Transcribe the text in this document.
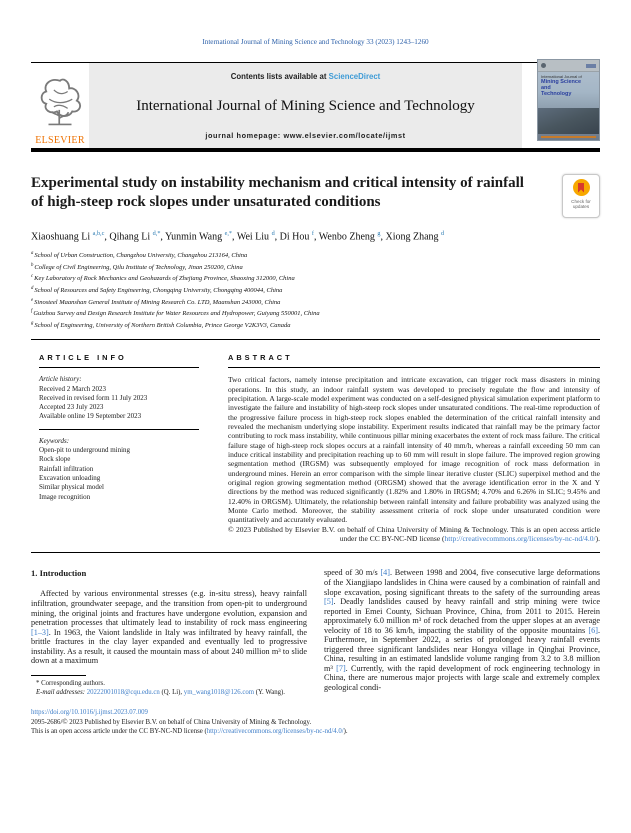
International Journal of Mining Science and Technology 33 (2023) 1243–1260
ELSEVIER
Contents lists available at ScienceDirect
International Journal of Mining Science and Technology
journal homepage: www.elsevier.com/locate/ijmst
International Journal of
Mining Science
and
Technology
Experimental study on instability mechanism and critical intensity of rainfall of high-steep rock slopes under unsaturated conditions	Check for
updates
Xiaoshuang Li $^{a,b,c}$, Qihang Li $^{d,*}$, Yunmin Wang $^{e,*}$, Wei Liu $^d$, Di Hou $^f$, Wenbo Zheng $^g$, Xiong Zhang $^d$
$^a$School of Urban Construction, Changzhou University, Changzhou 213164, China
$^b$College of Civil Engineering, Qilu Institute of Technology, Jinan 250200, China
$^c$Key Laboratory of Rock Mechanics and Geohazards of Zhejiang Province, Shaoxing 312000, China
$^d$School of Resources and Safety Engineering, Chongqing University, Chongqing 400044, China
$^e$Sinosteel Maanshan General Institute of Mining Research Co. LTD, Maanshan 243000, China
$^f$Guizhou Survey and Design Research Institute for Water Resources and Hydropower, Guiyang 550001, China
$^g$School of Engineering, University of Northern British Columbia, Prince George V2K3V3, Canada
ARTICLE INFO
Article history:
Received 2 March 2023
Received in revised form 11 July 2023
Accepted 23 July 2023
Available online 19 September 2023
Keywords:
Open-pit to underground mining
Rock slope
Rainfall infiltration
Excavation unloading
Similar physical model
Image recognition
ABSTRACT

Two critical factors, namely intense precipitation and intricate excavation, can trigger rock mass disasters in mining operations. In this study, an indoor rainfall system was developed to precisely regulate the flow and intensity of precipitation. A large-scale model experiment was conducted on a self-designed physical simulation experiment platform to investigate the failure and instability of high-steep rock slopes under unsaturated conditions. The real-time reproduction of the progressive failure process in high-steep rock slopes enabled the determination of the critical rainfall intensity and revealed the mechanism underlying slope instability. Experiment results indicated that rainfall may be the primary factor contributing to rock mass instability, while continuous pillar mining exacerbates the extent of rock mass failure. The critical failure stage of high-steep rock slopes occurs at a rainfall intensity of 40 mm/h, whereas a rainfall exceeding 50 mm can induce critical instability and precipitation reaching up to 60 mm will result in slope failure. The improved region growing segmentation method (IRGSM) was subsequently employed for image recognition of rock mass deformation in underground mines. Herein an error comparison with the simple linear iterative cluster (SLIC) superpixel method and the original region growing segmentation method (ORGSM) showed that the average identification error in the X and Y directions by the method was reduced significantly (1.82% and 1.80% in IRGSM; 4.70% and 6.26% in SLIC; 9.45% and 12.40% in ORGSM). Ultimately, the relationship between rainfall intensity and failure probability was analyzed using the Monte Carlo method. Moreover, the stability assessment criteria of rock slope under unsaturated condition were quantitatively and accurately evaluated.

© 2023 Published by Elsevier B.V. on behalf of China University of Mining & Technology. This is an open access article under the CC BY-NC-ND license (http://creativecommons.org/licenses/by-nc-nd/4.0/).
1. Introduction

Affected by various environmental stresses (e.g. in-situ stress), heavy rainfall infiltration, groundwater seepage, and the transition from open-pit to underground mining, the original joints and fractures have undergone evolution, expansion and penetration processes that ultimately lead to instability of rock mass engineering [1–3]. In 1963, the Vaiont landslide in Italy was infiltrated by heavy rainfall, the brittle fractures in the clay layer expanded and eventually led to progressive instability. As a result, it caused the mountain mass of about 240 million m³ to slide down at a maximum

* Corresponding authors.
E-mail addresses: 20222001018@cqu.edu.cn (Q. Li), ym_wang1018@126.com (Y. Wang).

speed of 30 m/s [4]. Between 1998 and 2004, five consecutive large deformations of the Xiangjiapo landslides in China were caused by a combination of rainfall and slope excavation, posing significant threats to the safety of the surrounding areas [5]. Deadly landslides caused by heavy rainfall and strip mining were twice reported in Emei County, Sichuan Province, China, from 2011 to 2015. Herein approximately 6.0 million m³ of rock detached from the upper slopes at an average velocity of 18 to 36 km/h, impacting the stability of the opposite mountains [6]. Furthermore, in September 2022, a series of prolonged heavy rainfall events triggered three significant landslides near Hongya village in Qinghai Province, China, resulting in an estimated landslide volume ranging from 3.2 to 3.8 million m³ [7]. Currently, with the rapid development of rock engineering technology in China, there are numerous major projects with large scale and extremely complex geological condi-

https://doi.org/10.1016/j.ijmst.2023.07.009
2095-2686/© 2023 Published by Elsevier B.V. on behalf of China University of Mining & Technology.
This is an open access article under the CC BY-NC-ND license (http://creativecommons.org/licenses/by-nc-nd/4.0/).
